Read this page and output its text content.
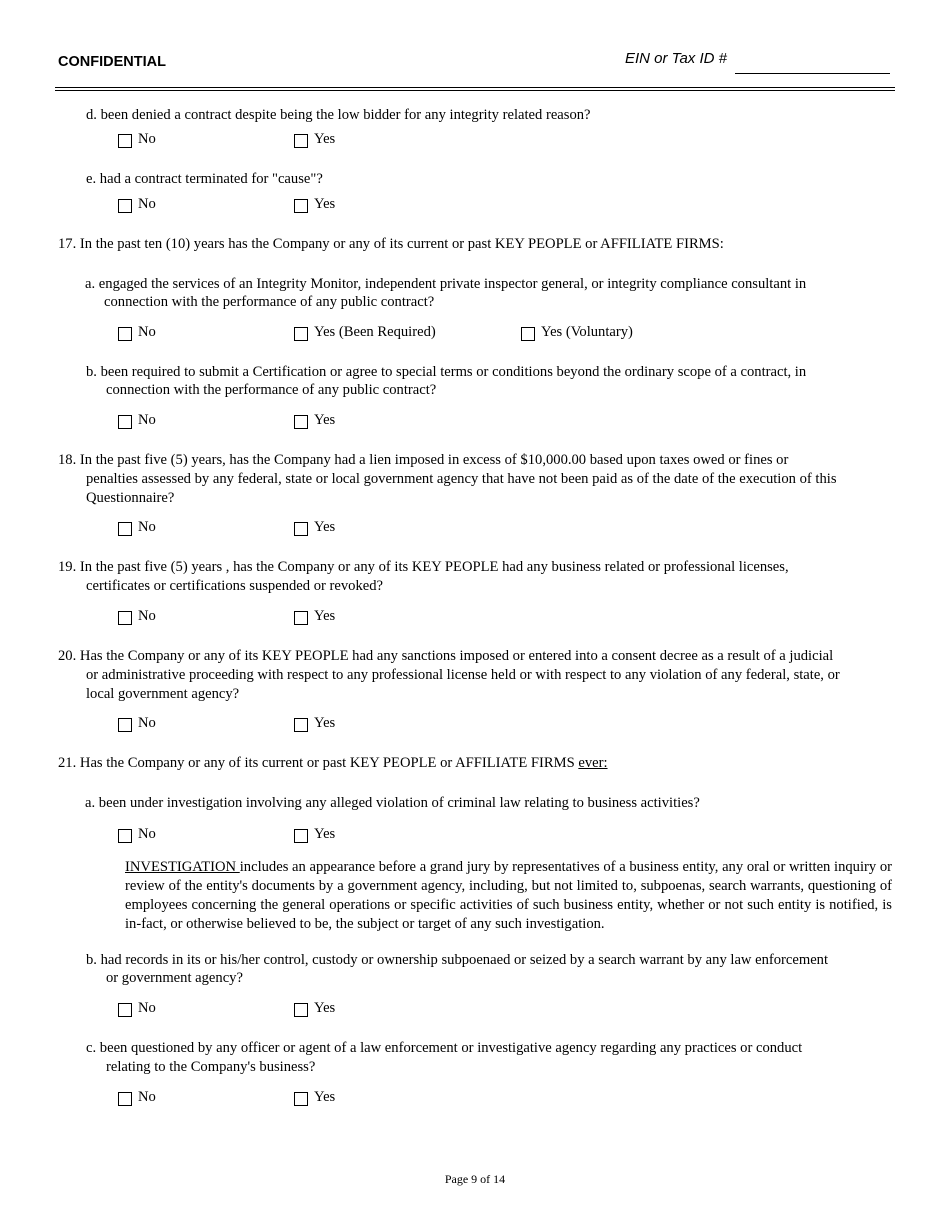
CONFIDENTIAL	EIN or Tax ID #
d. been denied a contract despite being the low bidder for any integrity related reason?
No	Yes
e. had a contract terminated for "cause"?
No	Yes
17. In the past ten (10) years has the Company or any of its current or past KEY PEOPLE or AFFILIATE FIRMS:
a. engaged the services of an Integrity Monitor, independent private inspector general, or integrity compliance consultant in
connection with the performance of any public contract?
No	Yes (Been Required)	Yes (Voluntary)
b. been required to submit a Certification or agree to special terms or conditions beyond the ordinary scope of a contract, in
connection with the performance of any public contract?
No	Yes
18. In the past five (5) years, has the Company had a lien imposed in excess of $10,000.00 based upon taxes owed or fines or
penalties assessed by any federal, state or local government agency that have not been paid as of the date of the execution of this
Questionnaire?
No	Yes
19. In the past five (5) years , has the Company or any of its KEY PEOPLE had any business related or professional licenses,
certificates or certifications suspended or revoked?
No	Yes
20. Has the Company or any of its KEY PEOPLE had any sanctions imposed or entered into a consent decree as a result of a judicial
or administrative proceeding with respect to any professional license held or with respect to any violation of any federal, state, or
local government agency?
No	Yes
21. Has the Company or any of its current or past KEY PEOPLE or AFFILIATE FIRMS ever:
a. been under investigation involving any alleged violation of criminal law relating to business activities?
No	Yes
INVESTIGATION includes an appearance before a grand jury by representatives of a business entity, any oral or written inquiry or review of the entity's documents by a government agency, including, but not limited to, subpoenas, search warrants, questioning of employees concerning the general operations or specific activities of such business entity, whether or not such entity is notified, is in-fact, or otherwise believed to be, the subject or target of any such investigation.
b. had records in its or his/her control, custody or ownership subpoenaed or seized by a search warrant by any law enforcement
or government agency?
No	Yes
c. been questioned by any officer or agent of a law enforcement or investigative agency regarding any practices or conduct
relating to the Company's business?
No	Yes
Page 9 of 14
